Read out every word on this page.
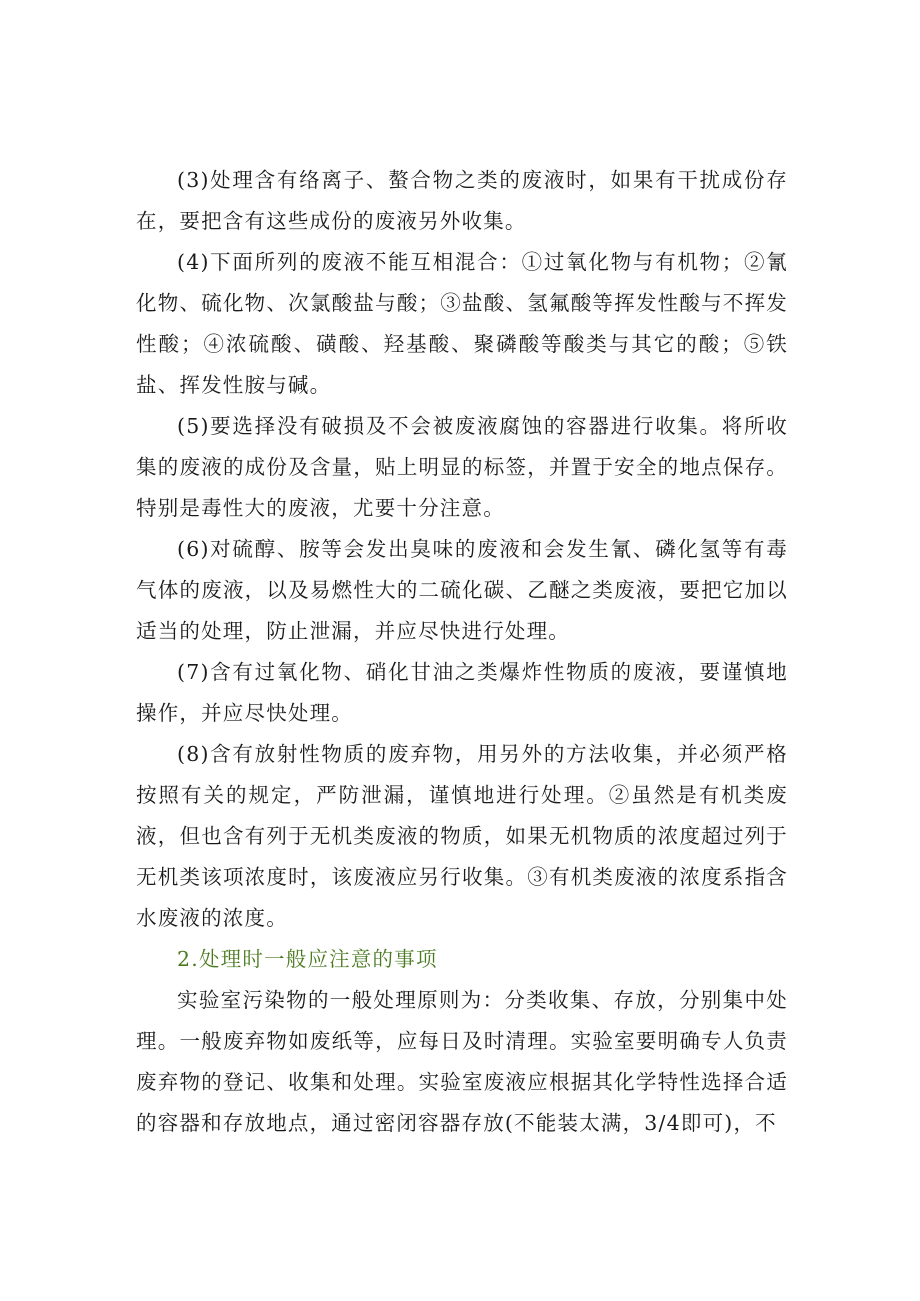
(3)处理含有络离子、螯合物之类的废液时，如果有干扰成份存在，要把含有这些成份的废液另外收集。

(4)下面所列的废液不能互相混合：①过氧化物与有机物；②氰化物、硫化物、次氯酸盐与酸；③盐酸、氢氟酸等挥发性酸与不挥发性酸；④浓硫酸、磺酸、羟基酸、聚磷酸等酸类与其它的酸；⑤铁盐、挥发性胺与碱。

(5)要选择没有破损及不会被废液腐蚀的容器进行收集。将所收集的废液的成份及含量，贴上明显的标签，并置于安全的地点保存。特别是毒性大的废液，尤要十分注意。

(6)对硫醇、胺等会发出臭味的废液和会发生氰、磷化氢等有毒气体的废液，以及易燃性大的二硫化碳、乙醚之类废液，要把它加以适当的处理，防止泄漏，并应尽快进行处理。

(7)含有过氧化物、硝化甘油之类爆炸性物质的废液，要谨慎地操作，并应尽快处理。

(8)含有放射性物质的废弃物，用另外的方法收集，并必须严格按照有关的规定，严防泄漏，谨慎地进行处理。②虽然是有机类废液，但也含有列于无机类废液的物质，如果无机物质的浓度超过列于无机类该项浓度时，该废液应另行收集。③有机类废液的浓度系指含水废液的浓度。

2.处理时一般应注意的事项

实验室污染物的一般处理原则为：分类收集、存放，分别集中处理。一般废弃物如废纸等，应每日及时清理。实验室要明确专人负责废弃物的登记、收集和处理。实验室废液应根据其化学特性选择合适的容器和存放地点，通过密闭容器存放(不能装太满，3/4即可)，不
